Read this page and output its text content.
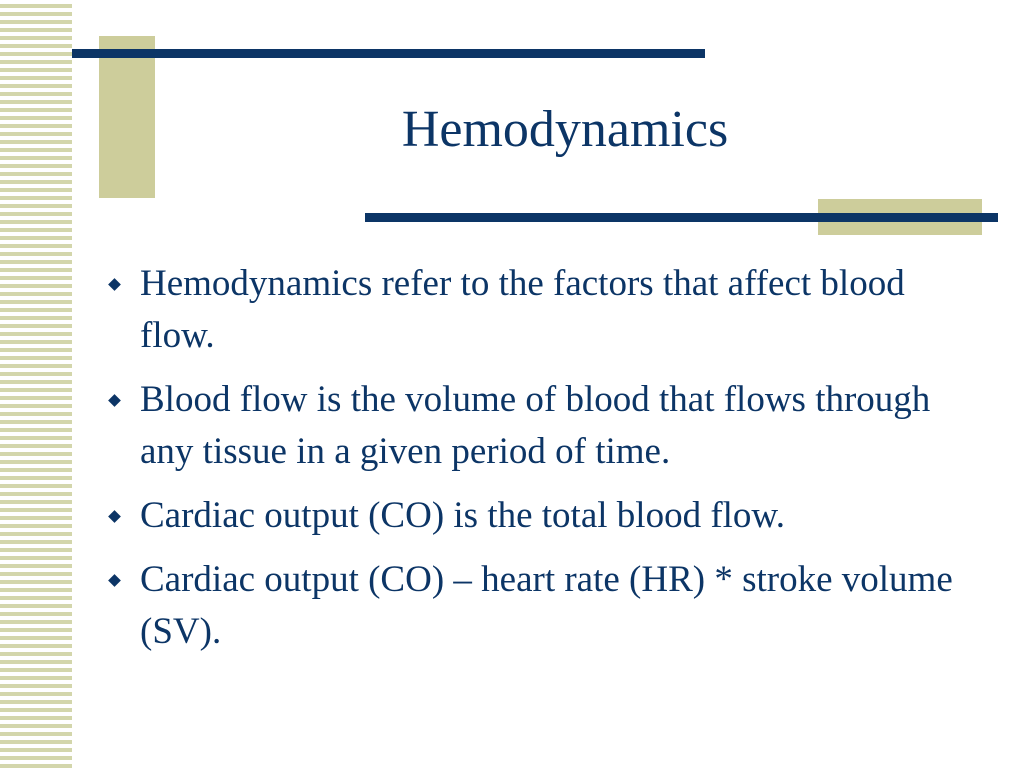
Hemodynamics
Hemodynamics refer to the factors that affect blood flow.
Blood flow is the volume of blood that flows through any tissue in a given period of time.
Cardiac output (CO) is the total blood flow.
Cardiac output (CO) – heart rate (HR) * stroke volume (SV).
